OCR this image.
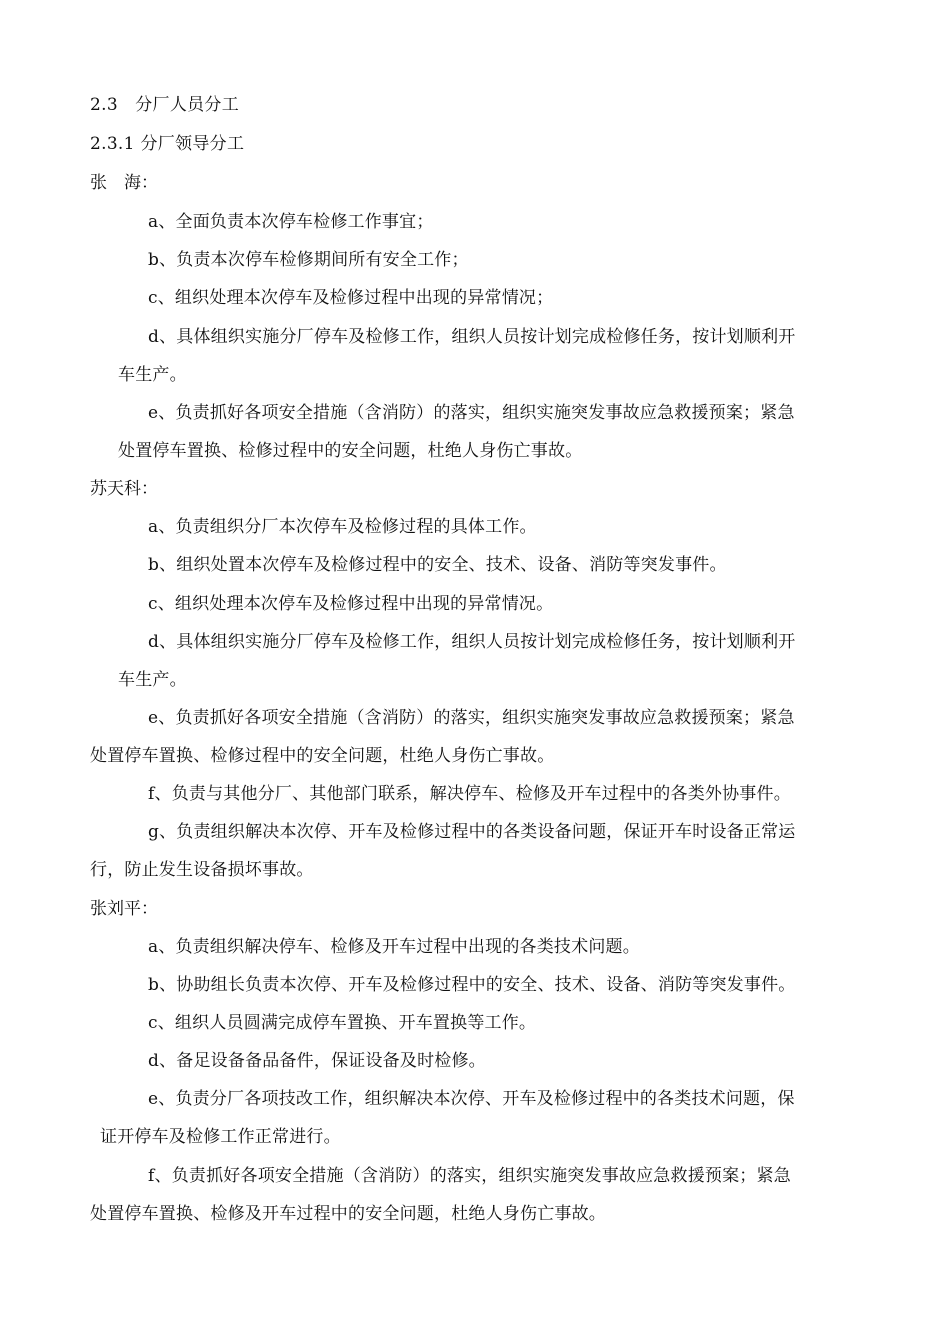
2.3　分厂人员分工
2.3.1 分厂领导分工
张　海：
a、全面负责本次停车检修工作事宜；
b、负责本次停车检修期间所有安全工作；
c、组织处理本次停车及检修过程中出现的异常情况；
d、具体组织实施分厂停车及检修工作，组织人员按计划完成检修任务，按计划顺利开
车生产。
e、负责抓好各项安全措施（含消防）的落实，组织实施突发事故应急救援预案；紧急
处置停车置换、检修过程中的安全问题，杜绝人身伤亡事故。
苏天科：
a、负责组织分厂本次停车及检修过程的具体工作。
b、组织处置本次停车及检修过程中的安全、技术、设备、消防等突发事件。
c、组织处理本次停车及检修过程中出现的异常情况。
d、具体组织实施分厂停车及检修工作，组织人员按计划完成检修任务，按计划顺利开
车生产。
e、负责抓好各项安全措施（含消防）的落实，组织实施突发事故应急救援预案；紧急
处置停车置换、检修过程中的安全问题，杜绝人身伤亡事故。
f、负责与其他分厂、其他部门联系，解决停车、检修及开车过程中的各类外协事件。
g、负责组织解决本次停、开车及检修过程中的各类设备问题，保证开车时设备正常运
行，防止发生设备损坏事故。
张刘平：
a、负责组织解决停车、检修及开车过程中出现的各类技术问题。
b、协助组长负责本次停、开车及检修过程中的安全、技术、设备、消防等突发事件。
c、组织人员圆满完成停车置换、开车置换等工作。
d、备足设备备品备件，保证设备及时检修。
e、负责分厂各项技改工作，组织解决本次停、开车及检修过程中的各类技术问题，保
证开停车及检修工作正常进行。
f、负责抓好各项安全措施（含消防）的落实，组织实施突发事故应急救援预案；紧急
处置停车置换、检修及开车过程中的安全问题，杜绝人身伤亡事故。
